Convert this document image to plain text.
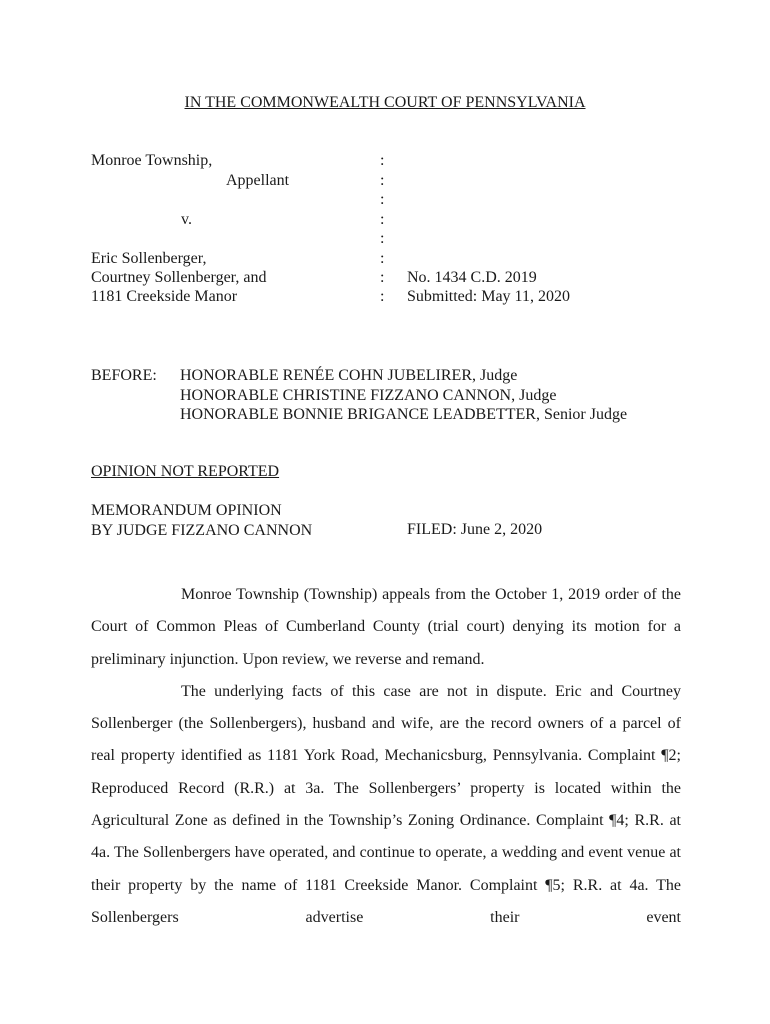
IN THE COMMONWEALTH COURT OF PENNSYLVANIA
Monroe Township,
Appellant
v.
Eric Sollenberger,
Courtney Sollenberger, and
1181 Creekside Manor
:
:
:
:
:
:
:
:
No. 1434 C.D. 2019
Submitted: May 11, 2020
BEFORE: HONORABLE RENÉE COHN JUBELIRER, Judge
HONORABLE CHRISTINE FIZZANO CANNON, Judge
HONORABLE BONNIE BRIGANCE LEADBETTER, Senior Judge
OPINION NOT REPORTED
MEMORANDUM OPINION
BY JUDGE FIZZANO CANNON	FILED: June 2, 2020

Monroe Township (Township) appeals from the October 1, 2019 order of the Court of Common Pleas of Cumberland County (trial court) denying its motion for a preliminary injunction. Upon review, we reverse and remand.

The underlying facts of this case are not in dispute. Eric and Courtney Sollenberger (the Sollenbergers), husband and wife, are the record owners of a parcel of real property identified as 1181 York Road, Mechanicsburg, Pennsylvania. Complaint ¶2; Reproduced Record (R.R.) at 3a. The Sollenbergers’ property is located within the Agricultural Zone as defined in the Township’s Zoning Ordinance. Complaint ¶4; R.R. at 4a. The Sollenbergers have operated, and continue to operate, a wedding and event venue at their property by the name of 1181 Creekside Manor. Complaint ¶5; R.R. at 4a. The Sollenbergers advertise their event
